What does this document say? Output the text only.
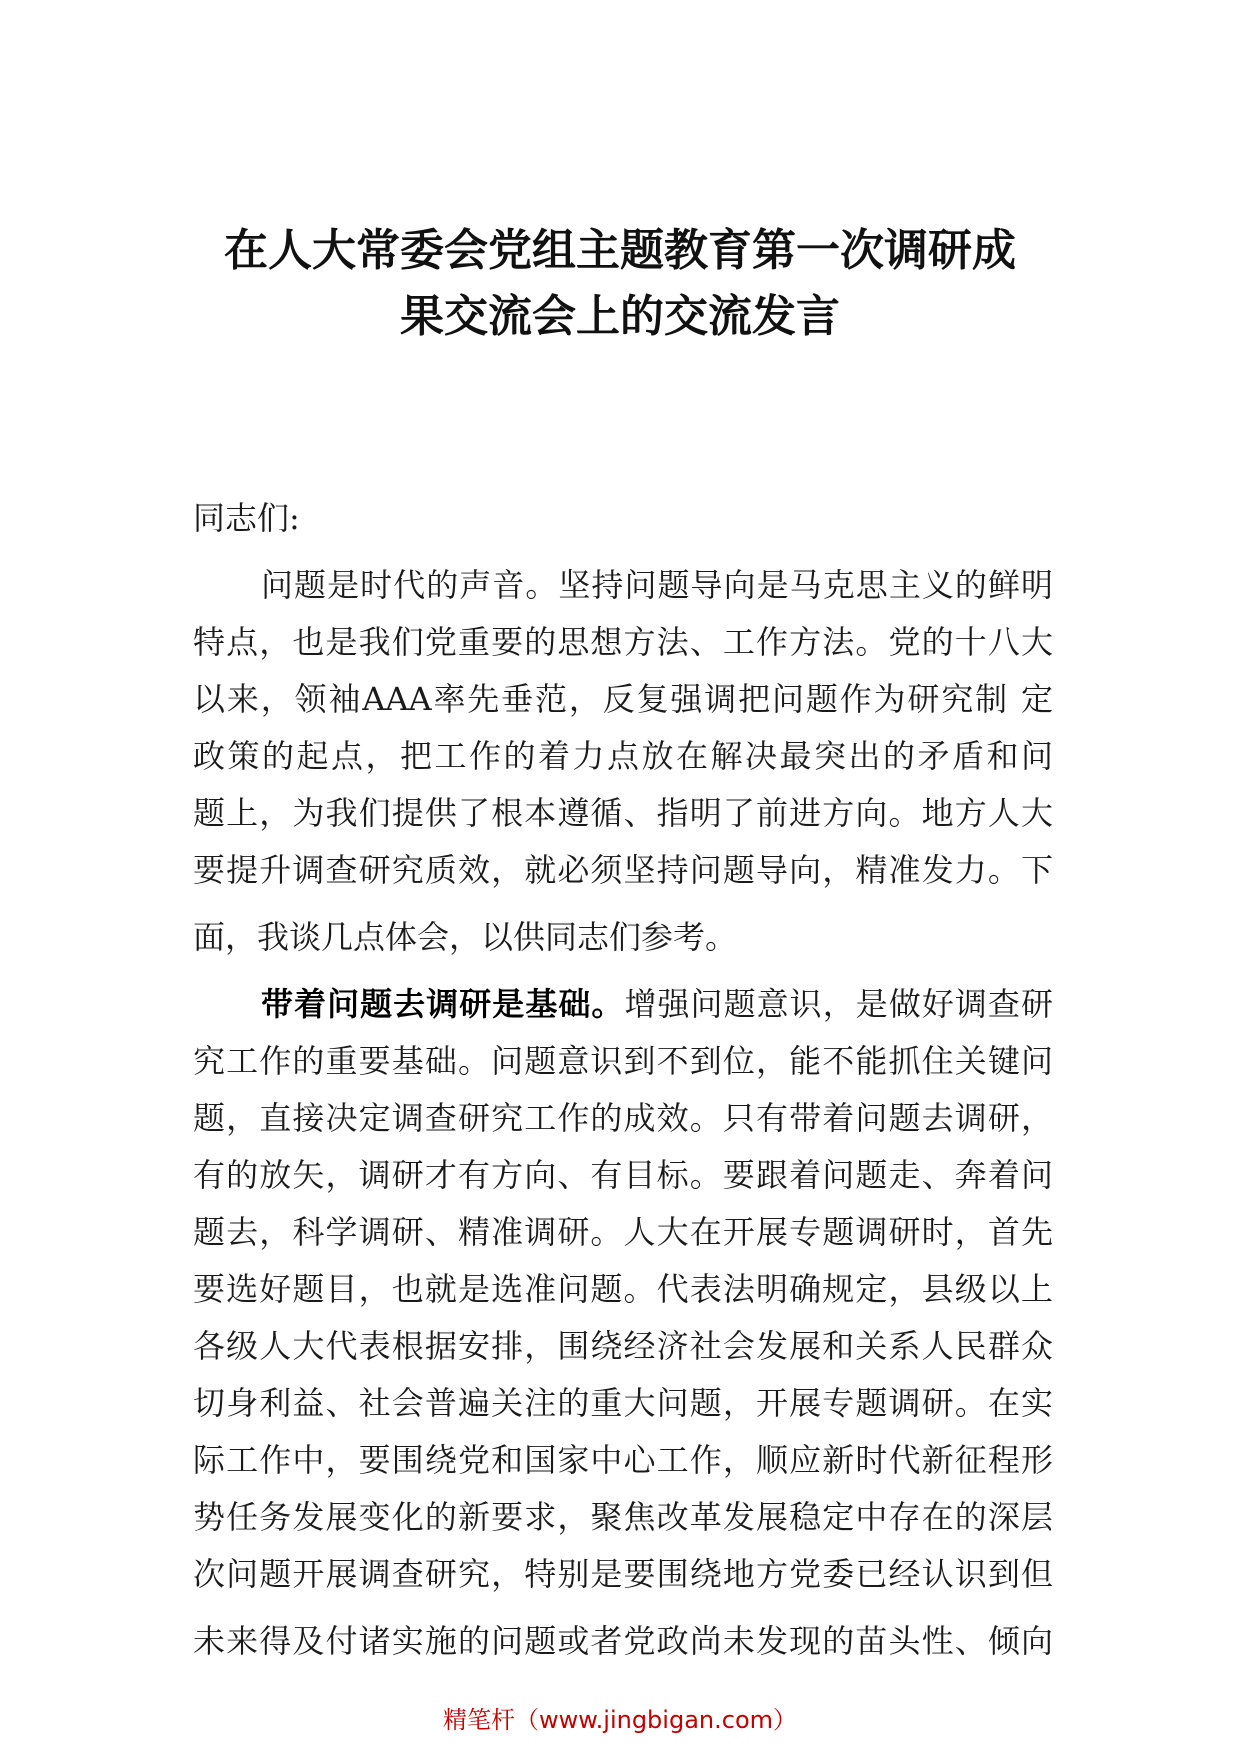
在人大常委会党组主题教育第一次调研成
果交流会上的交流发言
同志们:
问题是时代的声音。坚持问题导向是马克思主义的鲜明
特点，也是我们党重要的思想方法、工作方法。党的十八大
以来，领袖AAA率先垂范，反复强调把问题作为研究制 定
政策的起点，把工作的着力点放在解决最突出的矛盾和问
题上，为我们提供了根本遵循、指明了前进方向。地方人大
要提升调查研究质效，就必须坚持问题导向，精准发力。下
面，我谈几点体会，以供同志们参考。
带着问题去调研是基础。增强问题意识，是做好调查研
究工作的重要基础。问题意识到不到位，能不能抓住关键问
题，直接决定调查研究工作的成效。只有带着问题去调研，
有的放矢，调研才有方向、有目标。要跟着问题走、奔着问
题去，科学调研、精准调研。人大在开展专题调研时，首先
要选好题目，也就是选准问题。代表法明确规定，县级以上
各级人大代表根据安排，围绕经济社会发展和关系人民群众
切身利益、社会普遍关注的重大问题，开展专题调研。在实
际工作中，要围绕党和国家中心工作，顺应新时代新征程形
势任务发展变化的新要求，聚焦改革发展稳定中存在的深层
次问题开展调查研究，特别是要围绕地方党委已经认识到但
未来得及付诸实施的问题或者党政尚未发现的苗头性、倾向
精笔杆（www.jingbigan.com）
